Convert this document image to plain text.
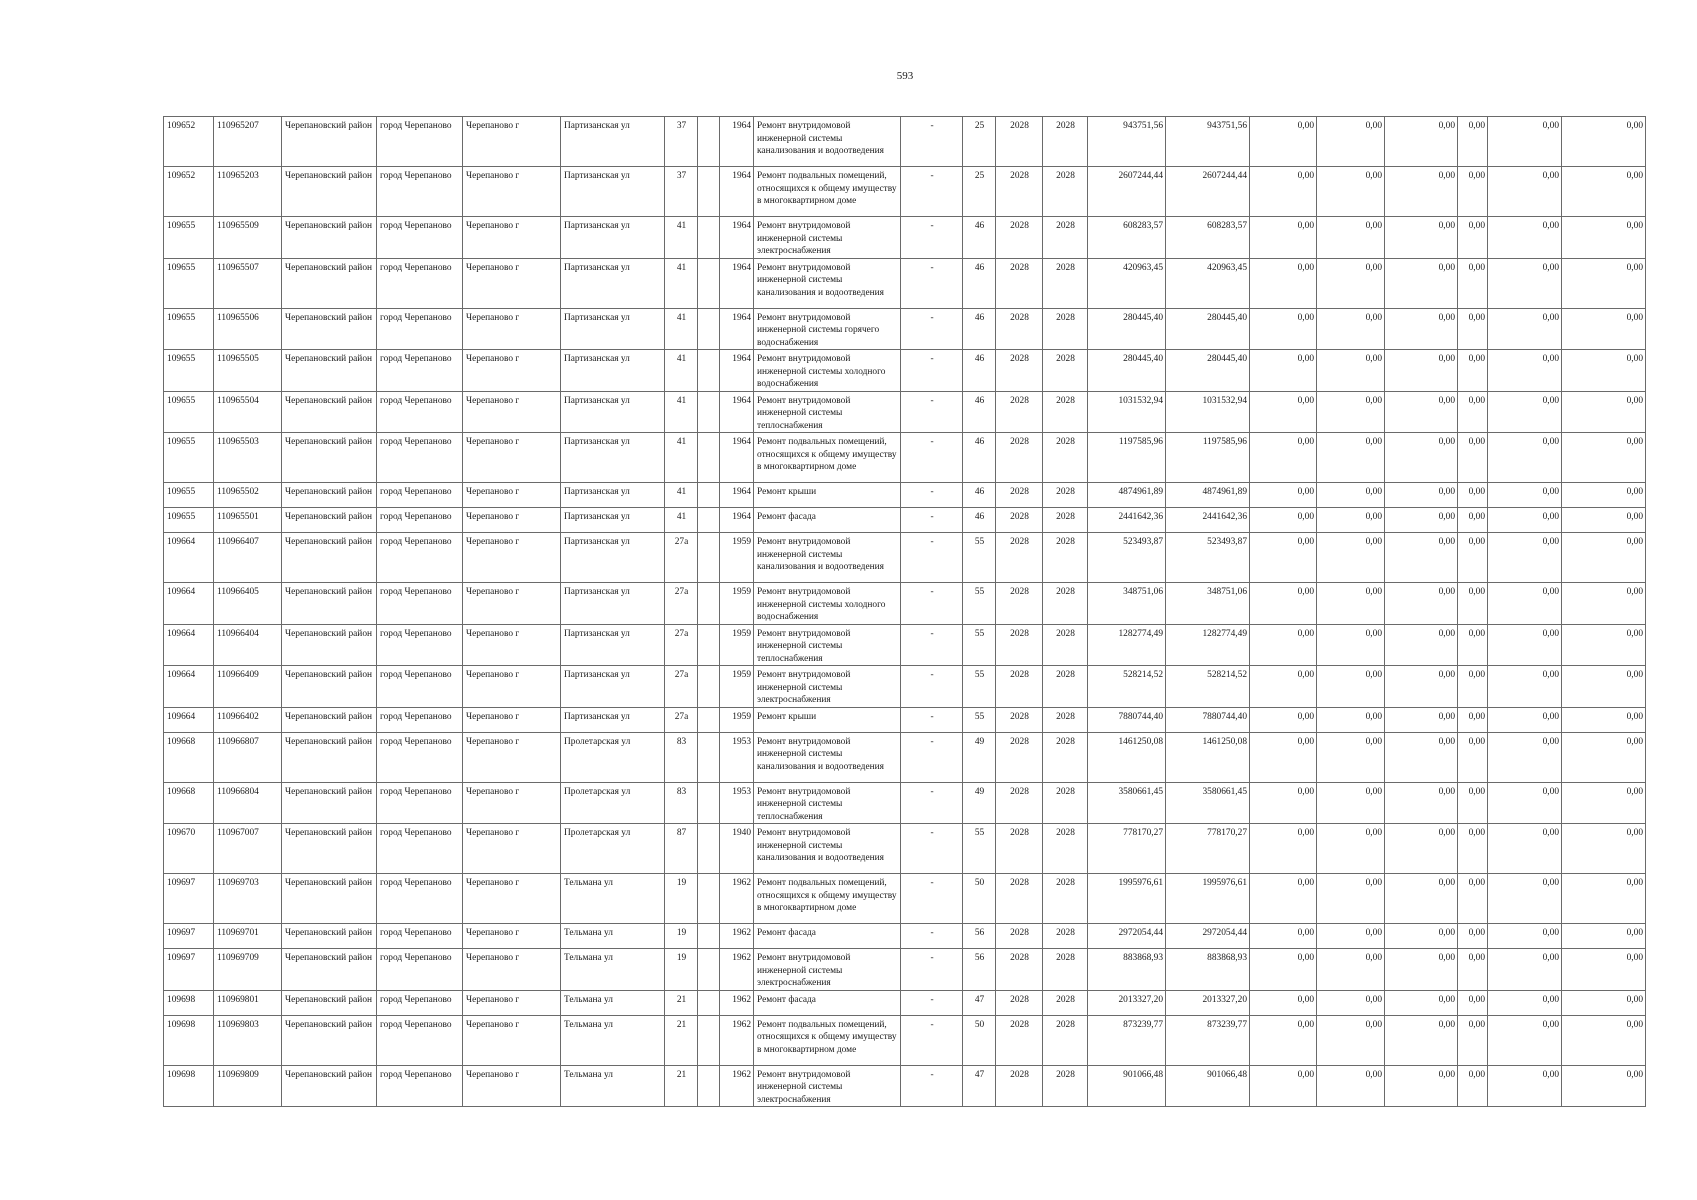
593
109652	110965207	Черепановский район	город Черепаново	Черепаново г	Партизанская ул	37		1964	Ремонт внутридомовой инженерной системы канализования и водоотведения	-	25	2028	2028	943751,56	943751,56	0,00	0,00	0,00	0,00	0,00	0,00
109652	110965203	Черепановский район	город Черепаново	Черепаново г	Партизанская ул	37		1964	Ремонт подвальных помещений, относящихся к общему имуществу в многоквартирном доме	-	25	2028	2028	2607244,44	2607244,44	0,00	0,00	0,00	0,00	0,00	0,00
109655	110965509	Черепановский район	город Черепаново	Черепаново г	Партизанская ул	41		1964	Ремонт внутридомовой инженерной системы электроснабжения	-	46	2028	2028	608283,57	608283,57	0,00	0,00	0,00	0,00	0,00	0,00
109655	110965507	Черепановский район	город Черепаново	Черепаново г	Партизанская ул	41		1964	Ремонт внутридомовой инженерной системы канализования и водоотведения	-	46	2028	2028	420963,45	420963,45	0,00	0,00	0,00	0,00	0,00	0,00
109655	110965506	Черепановский район	город Черепаново	Черепаново г	Партизанская ул	41		1964	Ремонт внутридомовой инженерной системы горячего водоснабжения	-	46	2028	2028	280445,40	280445,40	0,00	0,00	0,00	0,00	0,00	0,00
109655	110965505	Черепановский район	город Черепаново	Черепаново г	Партизанская ул	41		1964	Ремонт внутридомовой инженерной системы холодного водоснабжения	-	46	2028	2028	280445,40	280445,40	0,00	0,00	0,00	0,00	0,00	0,00
109655	110965504	Черепановский район	город Черепаново	Черепаново г	Партизанская ул	41		1964	Ремонт внутридомовой инженерной системы теплоснабжения	-	46	2028	2028	1031532,94	1031532,94	0,00	0,00	0,00	0,00	0,00	0,00
109655	110965503	Черепановский район	город Черепаново	Черепаново г	Партизанская ул	41		1964	Ремонт подвальных помещений, относящихся к общему имуществу в многоквартирном доме	-	46	2028	2028	1197585,96	1197585,96	0,00	0,00	0,00	0,00	0,00	0,00
109655	110965502	Черепановский район	город Черепаново	Черепаново г	Партизанская ул	41		1964	Ремонт крыши	-	46	2028	2028	4874961,89	4874961,89	0,00	0,00	0,00	0,00	0,00	0,00
109655	110965501	Черепановский район	город Черепаново	Черепаново г	Партизанская ул	41		1964	Ремонт фасада	-	46	2028	2028	2441642,36	2441642,36	0,00	0,00	0,00	0,00	0,00	0,00
109664	110966407	Черепановский район	город Черепаново	Черепаново г	Партизанская ул	27а		1959	Ремонт внутридомовой инженерной системы канализования и водоотведения	-	55	2028	2028	523493,87	523493,87	0,00	0,00	0,00	0,00	0,00	0,00
109664	110966405	Черепановский район	город Черепаново	Черепаново г	Партизанская ул	27а		1959	Ремонт внутридомовой инженерной системы холодного водоснабжения	-	55	2028	2028	348751,06	348751,06	0,00	0,00	0,00	0,00	0,00	0,00
109664	110966404	Черепановский район	город Черепаново	Черепаново г	Партизанская ул	27а		1959	Ремонт внутридомовой инженерной системы теплоснабжения	-	55	2028	2028	1282774,49	1282774,49	0,00	0,00	0,00	0,00	0,00	0,00
109664	110966409	Черепановский район	город Черепаново	Черепаново г	Партизанская ул	27а		1959	Ремонт внутридомовой инженерной системы электроснабжения	-	55	2028	2028	528214,52	528214,52	0,00	0,00	0,00	0,00	0,00	0,00
109664	110966402	Черепановский район	город Черепаново	Черепаново г	Партизанская ул	27а		1959	Ремонт крыши	-	55	2028	2028	7880744,40	7880744,40	0,00	0,00	0,00	0,00	0,00	0,00
109668	110966807	Черепановский район	город Черепаново	Черепаново г	Пролетарская ул	83		1953	Ремонт внутридомовой инженерной системы канализования и водоотведения	-	49	2028	2028	1461250,08	1461250,08	0,00	0,00	0,00	0,00	0,00	0,00
109668	110966804	Черепановский район	город Черепаново	Черепаново г	Пролетарская ул	83		1953	Ремонт внутридомовой инженерной системы теплоснабжения	-	49	2028	2028	3580661,45	3580661,45	0,00	0,00	0,00	0,00	0,00	0,00
109670	110967007	Черепановский район	город Черепаново	Черепаново г	Пролетарская ул	87		1940	Ремонт внутридомовой инженерной системы канализования и водоотведения	-	55	2028	2028	778170,27	778170,27	0,00	0,00	0,00	0,00	0,00	0,00
109697	110969703	Черепановский район	город Черепаново	Черепаново г	Тельмана ул	19		1962	Ремонт подвальных помещений, относящихся к общему имуществу в многоквартирном доме	-	50	2028	2028	1995976,61	1995976,61	0,00	0,00	0,00	0,00	0,00	0,00
109697	110969701	Черепановский район	город Черепаново	Черепаново г	Тельмана ул	19		1962	Ремонт фасада	-	56	2028	2028	2972054,44	2972054,44	0,00	0,00	0,00	0,00	0,00	0,00
109697	110969709	Черепановский район	город Черепаново	Черепаново г	Тельмана ул	19		1962	Ремонт внутридомовой инженерной системы электроснабжения	-	56	2028	2028	883868,93	883868,93	0,00	0,00	0,00	0,00	0,00	0,00
109698	110969801	Черепановский район	город Черепаново	Черепаново г	Тельмана ул	21		1962	Ремонт фасада	-	47	2028	2028	2013327,20	2013327,20	0,00	0,00	0,00	0,00	0,00	0,00
109698	110969803	Черепановский район	город Черепаново	Черепаново г	Тельмана ул	21		1962	Ремонт подвальных помещений, относящихся к общему имуществу в многоквартирном доме	-	50	2028	2028	873239,77	873239,77	0,00	0,00	0,00	0,00	0,00	0,00
109698	110969809	Черепановский район	город Черепаново	Черепаново г	Тельмана ул	21		1962	Ремонт внутридомовой инженерной системы электроснабжения	-	47	2028	2028	901066,48	901066,48	0,00	0,00	0,00	0,00	0,00	0,00
